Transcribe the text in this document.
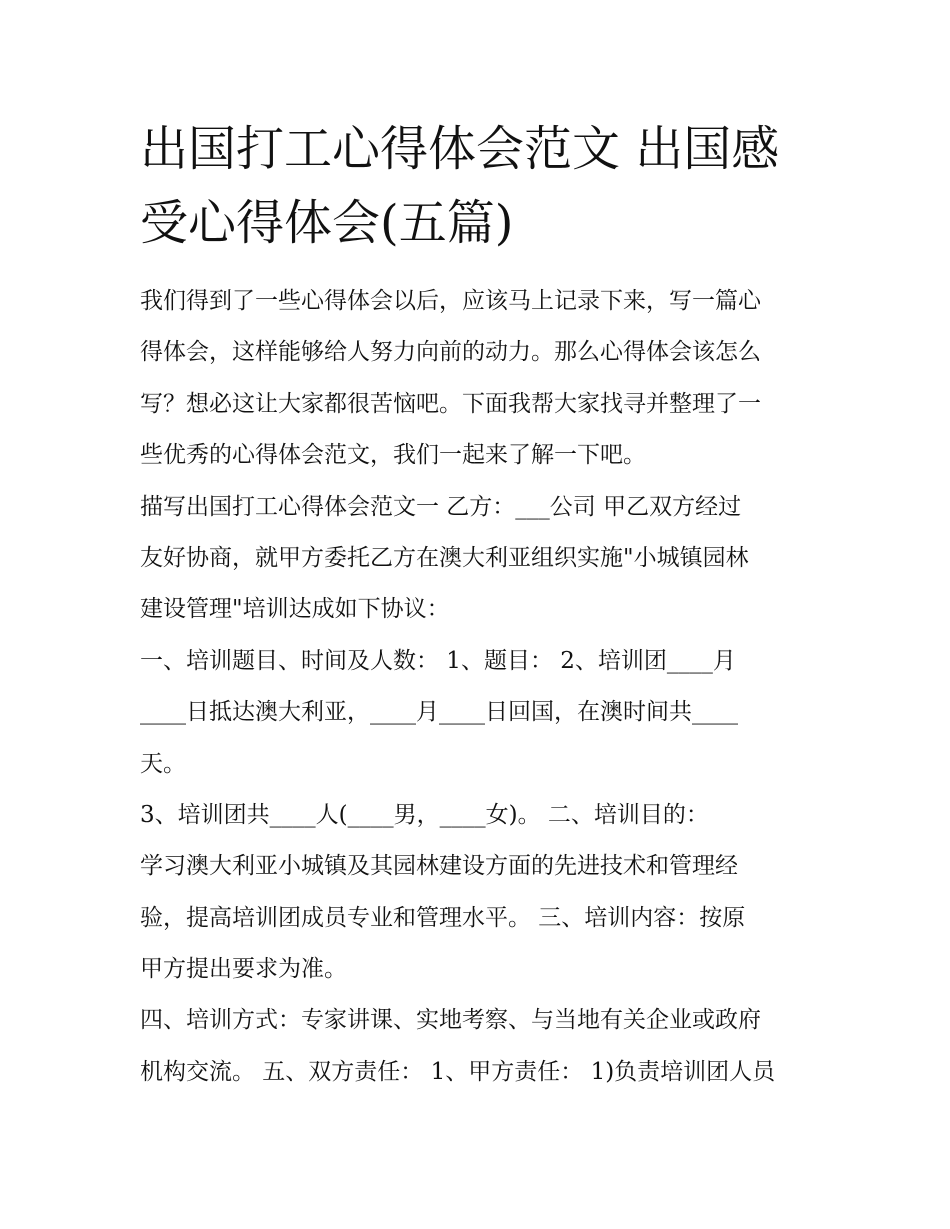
出国打工心得体会范文 出国感
受心得体会(五篇)
我们得到了一些心得体会以后，应该马上记录下来，写一篇心
得体会，这样能够给人努力向前的动力。那么心得体会该怎么
写？想必这让大家都很苦恼吧。下面我帮大家找寻并整理了一
些优秀的心得体会范文，我们一起来了解一下吧。
描写出国打工心得体会范文一 乙方：___公司 甲乙双方经过
友好协商，就甲方委托乙方在澳大利亚组织实施"小城镇园林
建设管理"培训达成如下协议：
一、培训题目、时间及人数： 1、题目： 2、培训团____月
____日抵达澳大利亚，____月____日回国，在澳时间共____
天。
3、培训团共____人(____男，____女)。 二、培训目的：
学习澳大利亚小城镇及其园林建设方面的先进技术和管理经
验，提高培训团成员专业和管理水平。 三、培训内容：按原
甲方提出要求为准。
四、培训方式：专家讲课、实地考察、与当地有关企业或政府
机构交流。 五、双方责任： 1、甲方责任： 1)负责培训团人员
